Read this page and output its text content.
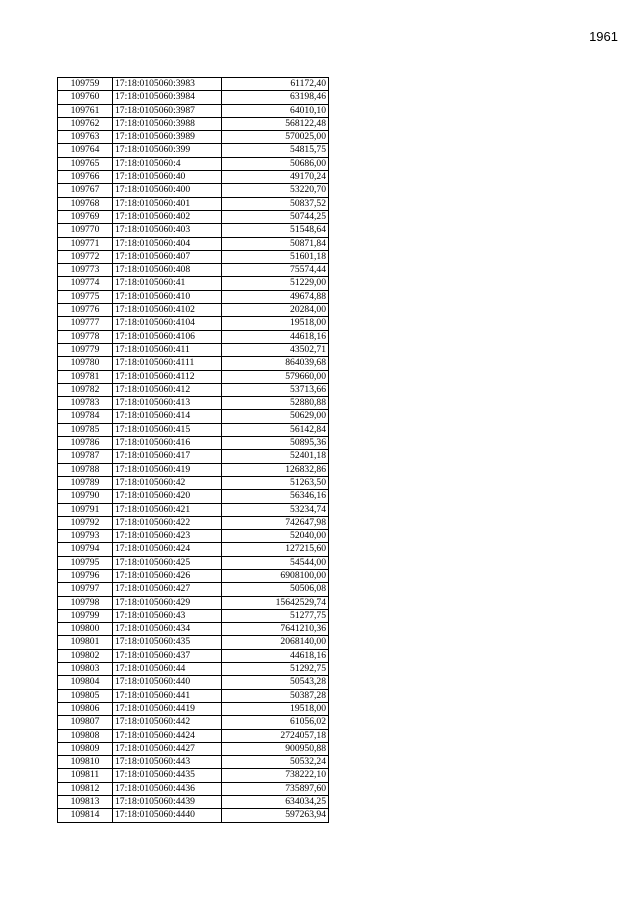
1961
109759	17:18:0105060:3983	61172,40
109760	17:18:0105060:3984	63198,46
109761	17:18:0105060:3987	64010,10
109762	17:18:0105060:3988	568122,48
109763	17:18:0105060:3989	570025,00
109764	17:18:0105060:399	54815,75
109765	17:18:0105060:4	50686,00
109766	17:18:0105060:40	49170,24
109767	17:18:0105060:400	53220,70
109768	17:18:0105060:401	50837,52
109769	17:18:0105060:402	50744,25
109770	17:18:0105060:403	51548,64
109771	17:18:0105060:404	50871,84
109772	17:18:0105060:407	51601,18
109773	17:18:0105060:408	75574,44
109774	17:18:0105060:41	51229,00
109775	17:18:0105060:410	49674,88
109776	17:18:0105060:4102	20284,00
109777	17:18:0105060:4104	19518,00
109778	17:18:0105060:4106	44618,16
109779	17:18:0105060:411	43502,71
109780	17:18:0105060:4111	864039,68
109781	17:18:0105060:4112	579660,00
109782	17:18:0105060:412	53713,66
109783	17:18:0105060:413	52880,88
109784	17:18:0105060:414	50629,00
109785	17:18:0105060:415	56142,84
109786	17:18:0105060:416	50895,36
109787	17:18:0105060:417	52401,18
109788	17:18:0105060:419	126832,86
109789	17:18:0105060:42	51263,50
109790	17:18:0105060:420	56346,16
109791	17:18:0105060:421	53234,74
109792	17:18:0105060:422	742647,98
109793	17:18:0105060:423	52040,00
109794	17:18:0105060:424	127215,60
109795	17:18:0105060:425	54544,00
109796	17:18:0105060:426	6908100,00
109797	17:18:0105060:427	50506,08
109798	17:18:0105060:429	15642529,74
109799	17:18:0105060:43	51277,75
109800	17:18:0105060:434	7641210,36
109801	17:18:0105060:435	2068140,00
109802	17:18:0105060:437	44618,16
109803	17:18:0105060:44	51292,75
109804	17:18:0105060:440	50543,28
109805	17:18:0105060:441	50387,28
109806	17:18:0105060:4419	19518,00
109807	17:18:0105060:442	61056,02
109808	17:18:0105060:4424	2724057,18
109809	17:18:0105060:4427	900950,88
109810	17:18:0105060:443	50532,24
109811	17:18:0105060:4435	738222,10
109812	17:18:0105060:4436	735897,60
109813	17:18:0105060:4439	634034,25
109814	17:18:0105060:4440	597263,94
